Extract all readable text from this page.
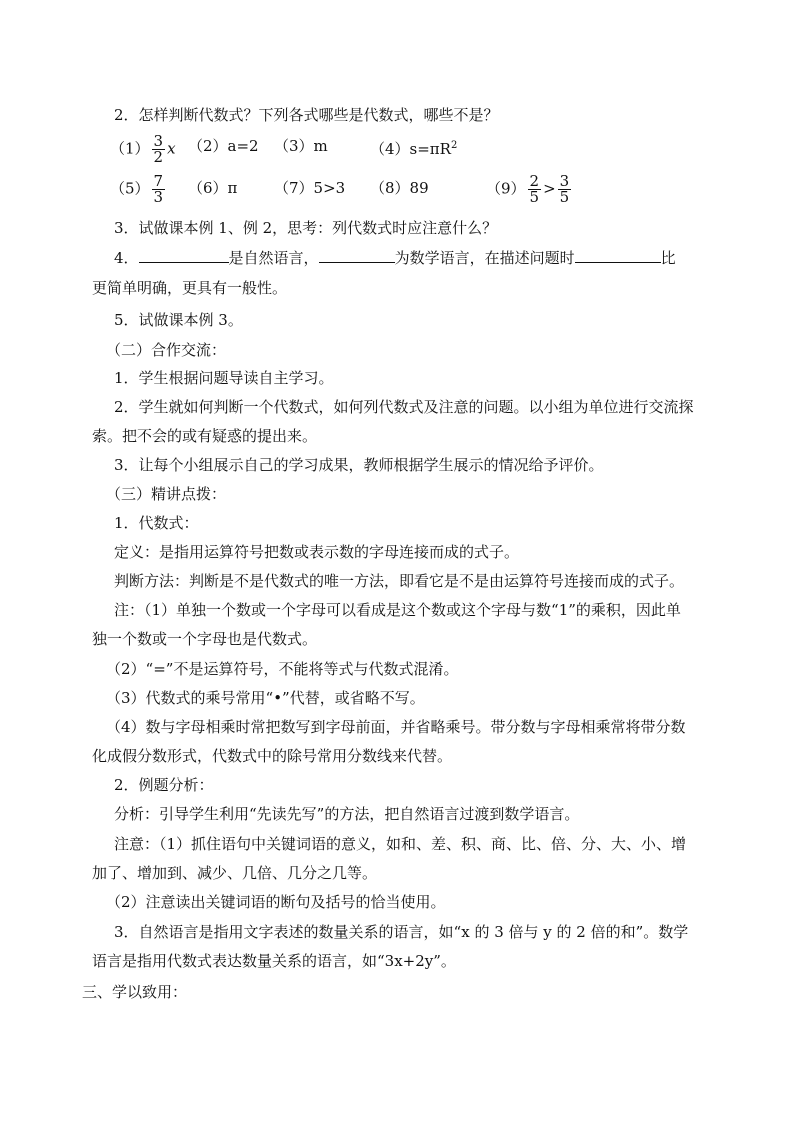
2．怎样判断代数式？下列各式哪些是代数式，哪些不是？
$(1) \frac{3}{2}$ x （2）a=2 （3）m	$(4)s=\pi R^2$
$(5) \frac{7}{3} (6)\pi$ （7）5>3 （8）89	$(9) \frac{2}{5} > \frac{3}{5}$
3．试做课本例 1、例 2，思考：列代数式时应注意什么？
4．	是自然语言，	为数学语言，在描述问题时	比
更简单明确，更具有一般性。
5．试做课本例 3。
（二）合作交流：
1．学生根据问题导读自主学习。
2．学生就如何判断一个代数式，如何列代数式及注意的问题。以小组为单位进行交流探
索。把不会的或有疑惑的提出来。
3．让每个小组展示自己的学习成果，教师根据学生展示的情况给予评价。
（三）精讲点拨：
1．代数式：
定义：是指用运算符号把数或表示数的字母连接而成的式子。
判断方法：判断是不是代数式的唯一方法，即看它是不是由运算符号连接而成的式子。
注：（1）单独一个数或一个字母可以看成是这个数或这个字母与数“1”的乘积，因此单
独一个数或一个字母也是代数式。
（2）“=”不是运算符号，不能将等式与代数式混淆。
（3）代数式的乘号常用“•”代替，或省略不写。
（4）数与字母相乘时常把数写到字母前面，并省略乘号。带分数与字母相乘常将带分数
化成假分数形式，代数式中的除号常用分数线来代替。
2．例题分析：
分析：引导学生利用“先读先写”的方法，把自然语言过渡到数学语言。
注意：（1）抓住语句中关键词语的意义，如和、差、积、商、比、倍、分、大、小、增
加了、增加到、减少、几倍、几分之几等。
（2）注意读出关键词语的断句及括号的恰当使用。
3．自然语言是指用文字表述的数量关系的语言，如“x 的 3 倍与 y 的 2 倍的和”。数学
语言是指用代数式表达数量关系的语言，如“3x+2y”。
三、学以致用：
